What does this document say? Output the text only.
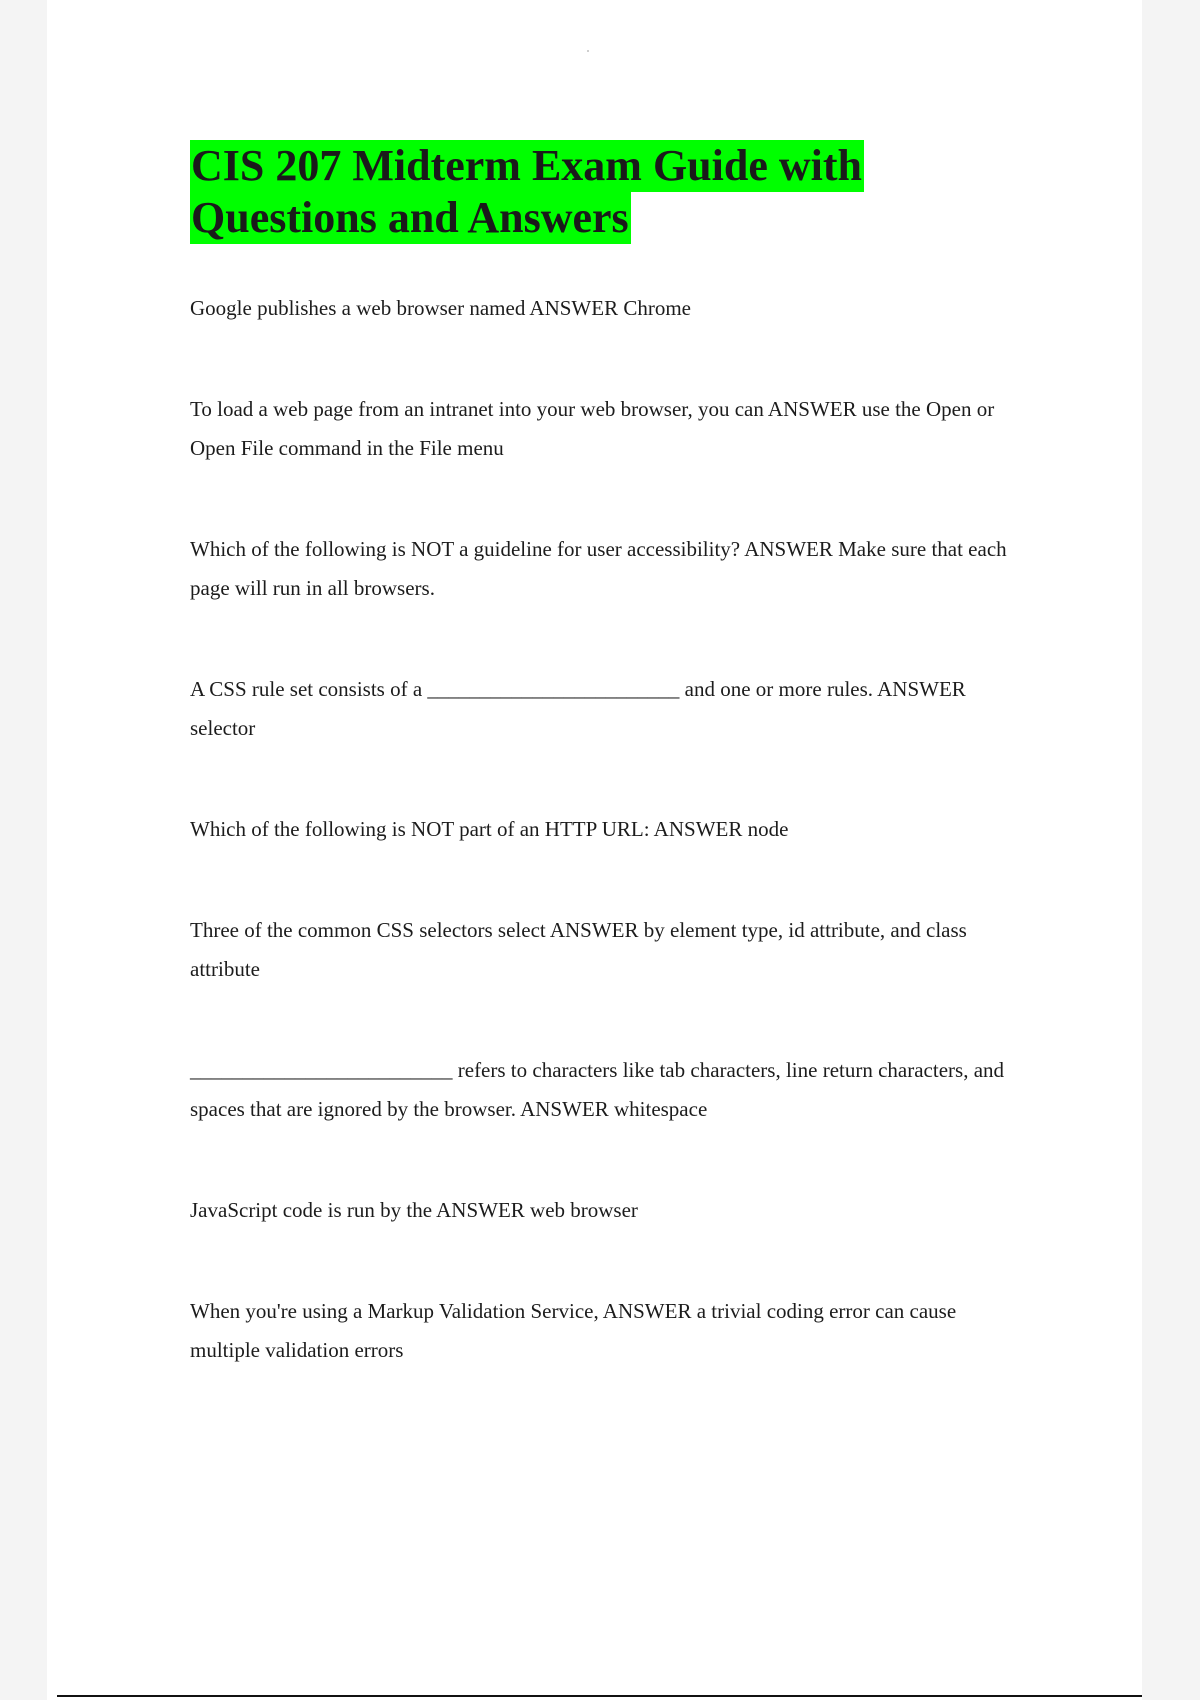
CIS 207 Midterm Exam Guide with
Questions and Answers

Google publishes a web browser named ANSWER Chrome

To load a web page from an intranet into your web browser, you can ANSWER use the Open or Open File command in the File menu

Which of the following is NOT a guideline for user accessibility? ANSWER Make sure that each page will run in all browsers.

A CSS rule set consists of a ________________________ and one or more rules. ANSWER selector

Which of the following is NOT part of an HTTP URL: ANSWER node

Three of the common CSS selectors select ANSWER by element type, id attribute, and class attribute

_________________________ refers to characters like tab characters, line return characters, and spaces that are ignored by the browser. ANSWER whitespace

JavaScript code is run by the ANSWER web browser

When you're using a Markup Validation Service, ANSWER a trivial coding error can cause multiple validation errors
